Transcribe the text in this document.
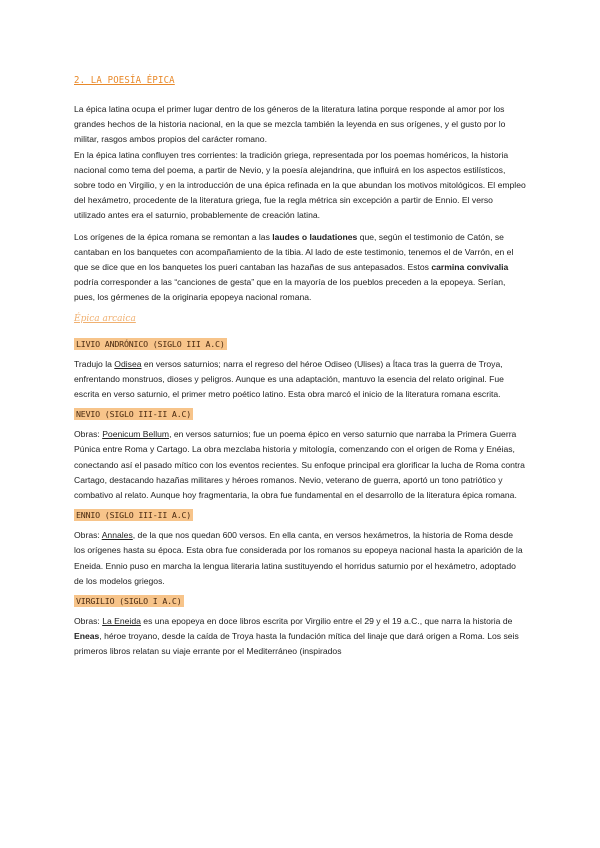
2. LA POESÍA ÉPICA

La épica latina ocupa el primer lugar dentro de los géneros de la literatura latina porque responde al amor por los grandes hechos de la historia nacional, en la que se mezcla también la leyenda en sus orígenes, y el gusto por lo militar, rasgos ambos propios del carácter romano.

En la épica latina confluyen tres corrientes: la tradición griega, representada por los poemas homéricos, la historia nacional como tema del poema, a partir de Nevio, y la poesía alejandrina, que influirá en los aspectos estilísticos, sobre todo en Virgilio, y en la introducción de una épica refinada en la que abundan los motivos mitológicos. El empleo del hexámetro, procedente de la literatura griega, fue la regla métrica sin excepción a partir de Ennio. El verso utilizado antes era el saturnio, probablemente de creación latina.

Los orígenes de la épica romana se remontan a las laudes o laudationes que, según el testimonio de Catón, se cantaban en los banquetes con acompañamiento de la tibia. Al lado de este testimonio, tenemos el de Varrón, en el que se dice que en los banquetes los pueri cantaban las hazañas de sus antepasados. Estos carmina convivalia podría corresponder a las “canciones de gesta” que en la mayoría de los pueblos preceden a la epopeya. Serían, pues, los gérmenes de la originaria epopeya nacional romana.

Épica arcaica
LIVIO ANDRÓNICO (SIGLO III A.C)

Tradujo la Odisea en versos saturnios; narra el regreso del héroe Odiseo (Ulises) a Ítaca tras la guerra de Troya, enfrentando monstruos, dioses y peligros. Aunque es una adaptación, mantuvo la esencia del relato original. Fue escrita en verso saturnio, el primer metro poético latino. Esta obra marcó el inicio de la literatura romana escrita.

NEVIO (SIGLO III-II A.C)

Obras: Poenicum Bellum, en versos saturnios; fue un poema épico en verso saturnio que narraba la Primera Guerra Púnica entre Roma y Cartago. La obra mezclaba historia y mitología, comenzando con el origen de Roma y Enéias, conectando así el pasado mítico con los eventos recientes. Su enfoque principal era glorificar la lucha de Roma contra Cartago, destacando hazañas militares y héroes romanos. Nevio, veterano de guerra, aportó un tono patriótico y combativo al relato. Aunque hoy fragmentaria, la obra fue fundamental en el desarrollo de la literatura épica romana.

ENNIO (SIGLO III-II A.C)

Obras: Annales, de la que nos quedan 600 versos. En ella canta, en versos hexámetros, la historia de Roma desde los orígenes hasta su época. Esta obra fue considerada por los romanos su epopeya nacional hasta la aparición de la Eneida. Ennio puso en marcha la lengua literaria latina sustituyendo el horridus saturnio por el hexámetro, adoptado de los modelos griegos.

VIRGILIO (SIGLO I A.C)

Obras: La Eneida es una epopeya en doce libros escrita por Virgilio entre el 29 y el 19 a.C., que narra la historia de Eneas, héroe troyano, desde la caída de Troya hasta la fundación mítica del linaje que dará origen a Roma. Los seis primeros libros relatan su viaje errante por el Mediterráneo (inspirados
